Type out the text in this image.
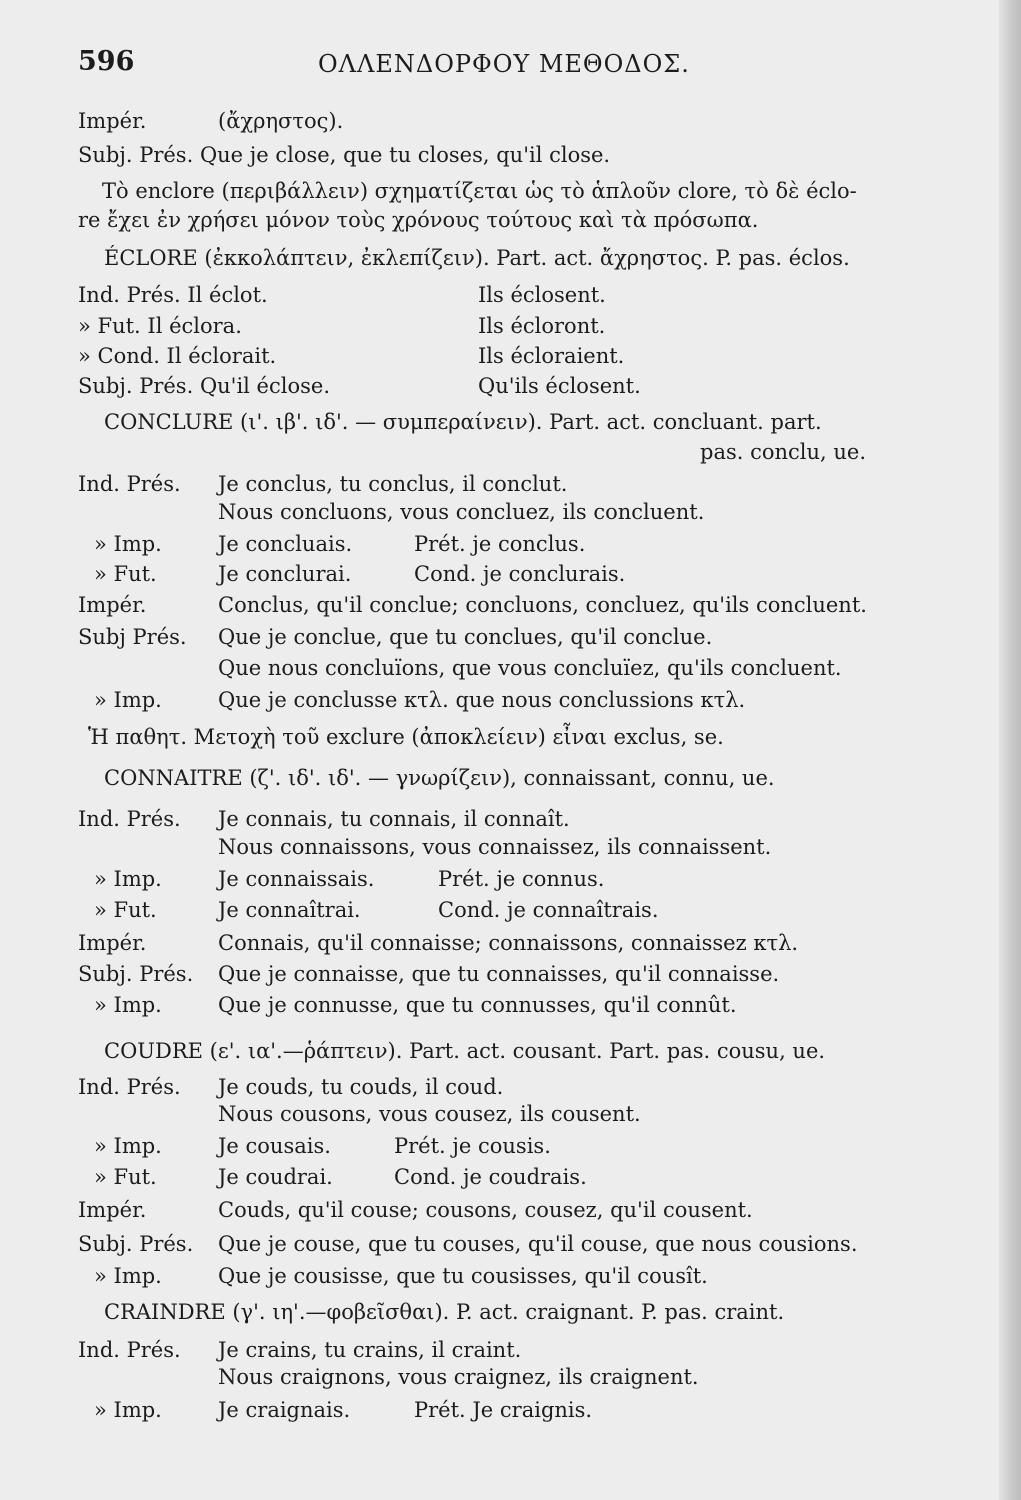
596	ΟΛΛΕΝΔΟΡΦΟΥ ΜΕΘΟΔΟΣ.
Impér.	(ἄχρηστος).
Subj. Prés. Que je close, que tu closes, qu'il close.
Τὸ enclore (περιβάλλειν) σχηματίζεται ὡς τὸ ἁπλοῦν clore, τὸ δὲ éclo-
re ἔχει ἐν χρήσει μόνον τοὺς χρόνους τούτους καὶ τὰ πρόσωπα.
ÉCLORE (ἐκκολάπτειν, ἐκλεπίζειν). Part. act. ἄχρηστος. P. pas. éclos.
Ind. Prés. Il éclot.	Ils éclosent.
» Fut. Il éclora.	Ils écloront.
» Cond. Il éclorait.	Ils écloraient.
Subj. Prés. Qu'il éclose.	Qu'ils éclosent.
CONCLURE (ι'. ιβ'. ιδ'. — συμπεραίνειν). Part. act. concluant. part.
pas. conclu, ue.
Ind. Prés. Je conclus, tu conclus, il conclut.
Nous concluons, vous concluez, ils concluent.
» Imp.	Je concluais.	Prét. je conclus.
» Fut.	Je conclurai.	Cond. je conclurais.
Impér.	Conclus, qu'il conclue; concluons, concluez, qu'ils concluent.
Subj Prés. Que je conclue, que tu conclues, qu'il conclue.
Que nous concluïons, que vous concluïez, qu'ils concluent.
» Imp.	Que je conclusse κτλ. que nous conclussions κτλ.
Ἡ παθητ. Μετοχὴ τοῦ exclure (ἀποκλείειν) εἶναι exclus, se.
CONNAITRE (ζ'. ιδ'. ιδ'. — γνωρίζειν), connaissant, connu, ue.
Ind. Prés. Je connais, tu connais, il connaît.
Nous connaissons, vous connaissez, ils connaissent.
» Imp.	Je connaissais.	Prét. je connus.
» Fut.	Je connaîtrai.	Cond. je connaîtrais.
Impér.	Connais, qu'il connaisse; connaissons, connaissez κτλ.
Subj. Prés. Que je connaisse, que tu connaisses, qu'il connaisse.
» Imp.	Que je connusse, que tu connusses, qu'il connût.
COUDRE (ε'. ια'.—ῥάπτειν). Part. act. cousant. Part. pas. cousu, ue.
Ind. Prés. Je couds, tu couds, il coud.
Nous cousons, vous cousez, ils cousent.
» Imp.	Je cousais.	Prét. je cousis.
» Fut.	Je coudrai.	Cond. je coudrais.
Impér.	Couds, qu'il couse; cousons, cousez, qu'il cousent.
Subj. Prés. Que je couse, que tu couses, qu'il couse, que nous cousions.
» Imp.	Que je cousisse, que tu cousisses, qu'il cousît.
CRAINDRE (γ'. ιη'.—φοβεῖσθαι). P. act. craignant. P. pas. craint.
Ind. Prés. Je crains, tu crains, il craint.
Nous craignons, vous craignez, ils craignent.
» Imp.	Je craignais.	Prét. Je craignis.
